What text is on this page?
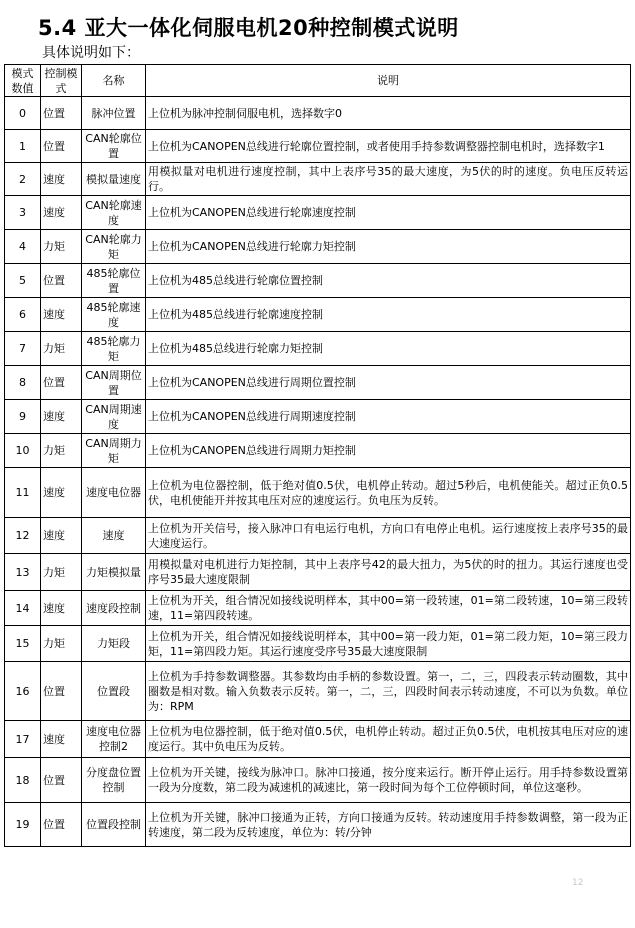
5.4 亚大一体化伺服电机20种控制模式说明
具体说明如下：
模式数值	控制模式	名称	说明
0	位置	脉冲位置	上位机为脉冲控制伺服电机，选择数字0
1	位置	CAN轮廓位置	上位机为CANOPEN总线进行轮廓位置控制，或者使用手持参数调整器控制电机时，选择数字1
2	速度	模拟量速度	用模拟量对电机进行速度控制，其中上表序号35的最大速度，为5伏的时的速度。负电压反转运行。
3	速度	CAN轮廓速度	上位机为CANOPEN总线进行轮廓速度控制
4	力矩	CAN轮廓力矩	上位机为CANOPEN总线进行轮廓力矩控制
5	位置	485轮廓位置	上位机为485总线进行轮廓位置控制
6	速度	485轮廓速度	上位机为485总线进行轮廓速度控制
7	力矩	485轮廓力矩	上位机为485总线进行轮廓力矩控制
8	位置	CAN周期位置	上位机为CANOPEN总线进行周期位置控制
9	速度	CAN周期速度	上位机为CANOPEN总线进行周期速度控制
10	力矩	CAN周期力矩	上位机为CANOPEN总线进行周期力矩控制
11	速度	速度电位器	上位机为电位器控制，低于绝对值0.5伏，电机停止转动。超过5秒后，电机使能关。超过正负0.5伏，电机使能开并按其电压对应的速度运行。负电压为反转。
12	速度	速度	上位机为开关信号，接入脉冲口有电运行电机，方向口有电停止电机。运行速度按上表序号35的最大速度运行。
13	力矩	力矩模拟量	用模拟量对电机进行力矩控制，其中上表序号42的最大扭力，为5伏的时的扭力。其运行速度也受序号35最大速度限制
14	速度	速度段控制	上位机为开关，组合情况如接线说明样本，其中00=第一段转速，01=第二段转速，10=第三段转速，11=第四段转速。
15	力矩	力矩段	上位机为开关，组合情况如接线说明样本，其中00=第一段力矩，01=第二段力矩，10=第三段力矩，11=第四段力矩。其运行速度受序号35最大速度限制
16	位置	位置段	上位机为手持参数调整器。其参数均由手柄的参数设置。第一，二，三，四段表示转动圈数，其中圈数是相对数。输入负数表示反转。第一，二，三，四段时间表示转动速度，不可以为负数。单位为：RPM
17	速度	速度电位器控制2	上位机为电位器控制，低于绝对值0.5伏，电机停止转动。超过正负0.5伏，电机按其电压对应的速度运行。其中负电压为反转。
18	位置	分度盘位置控制	上位机为开关键，接线为脉冲口。脉冲口接通，按分度来运行。断开停止运行。用手持参数设置第一段为分度数，第二段为减速机的减速比，第一段时间为每个工位停顿时间，单位这毫秒。
19	位置	位置段控制	上位机为开关键，脉冲口接通为正转，方向口接通为反转。转动速度用手持参数调整，第一段为正转速度，第二段为反转速度，单位为：转/分钟
12
